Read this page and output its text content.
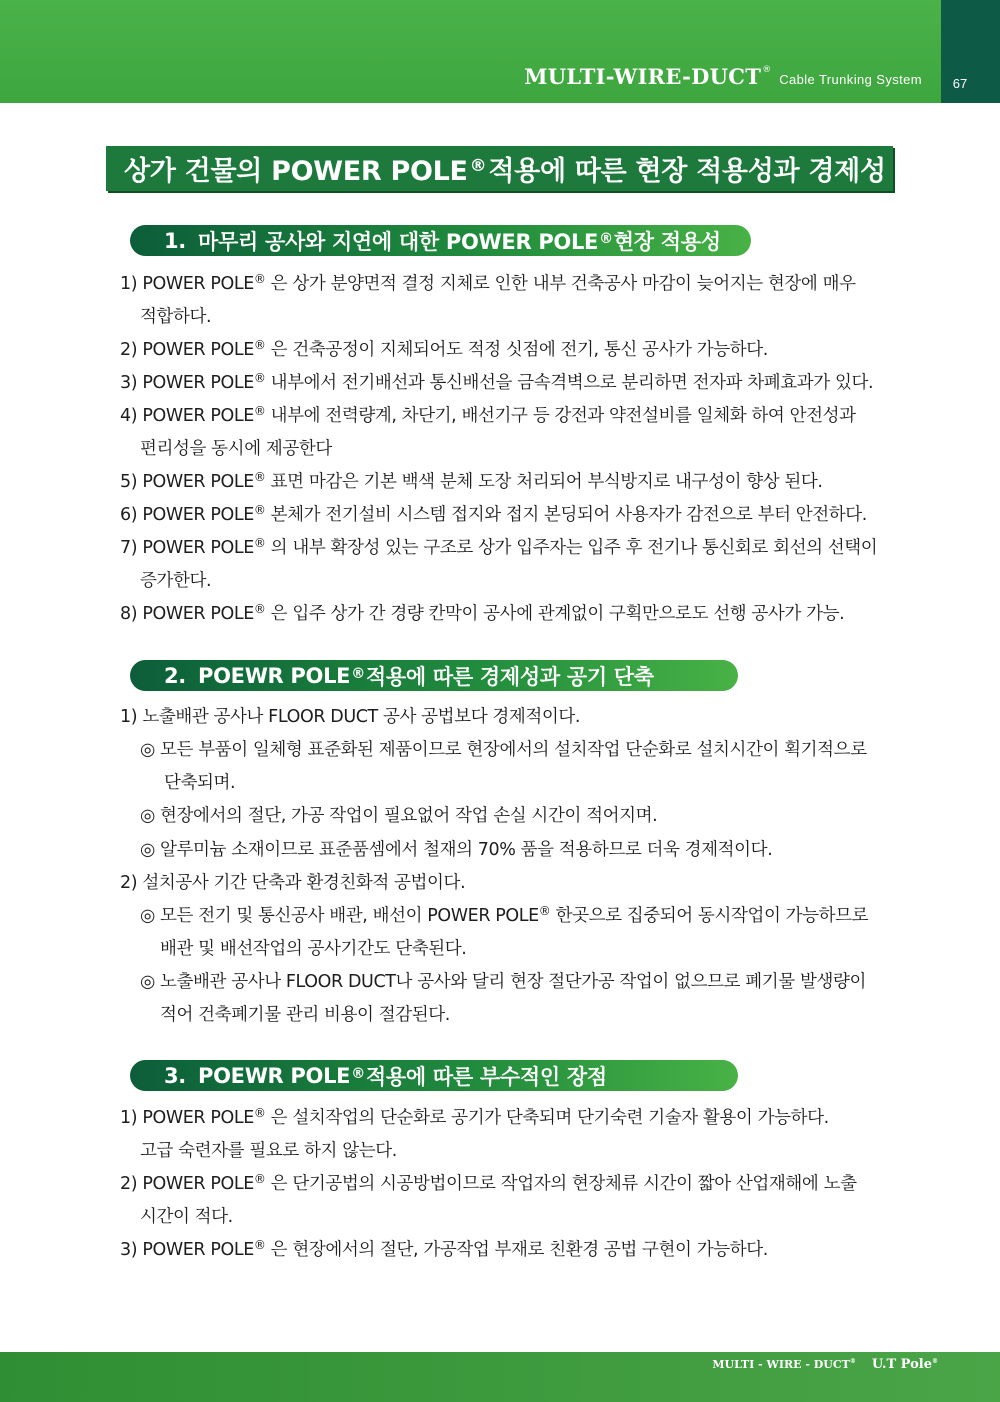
MULTI-WIRE-DUCT ®
Cable Trunking System	67
상가 건물의 POWER POLE® 적용에 따른 현장 적용성과 경제성
1. 마무리 공사와 지연에 대한 POWER POLE® 현장 적용성
1) POWER POLE® 은 상가 분양면적 결정 지체로 인한 내부 건축공사 마감이 늦어지는 현장에 매우
적합하다.
2) POWER POLE® 은 건축공정이 지체되어도 적정 싯점에 전기, 통신 공사가 가능하다.
3) POWER POLE® 내부에서 전기배선과 통신배선을 금속격벽으로 분리하면 전자파 차폐효과가 있다.
4) POWER POLE® 내부에 전력량계, 차단기, 배선기구 등 강전과 약전설비를 일체화 하여 안전성과
편리성을 동시에 제공한다
5) POWER POLE® 표면 마감은 기본 백색 분체 도장 처리되어 부식방지로 내구성이 향상 된다.
6) POWER POLE® 본체가 전기설비 시스템 접지와 접지 본딩되어 사용자가 감전으로 부터 안전하다.
7) POWER POLE® 의 내부 확장성 있는 구조로 상가 입주자는 입주 후 전기나 통신회로 회선의 선택이
증가한다.
8) POWER POLE® 은 입주 상가 간 경량 칸막이 공사에 관계없이 구획만으로도 선행 공사가 가능.
2. POEWR POLE® 적용에 따른 경제성과 공기 단축
1) 노출배관 공사나 FLOOR DUCT 공사 공법보다 경제적이다.
◎ 모든 부품이 일체형 표준화된 제품이므로 현장에서의 설치작업 단순화로 설치시간이 획기적으로
단축되며.
◎ 현장에서의 절단, 가공 작업이 필요없어 작업 손실 시간이 적어지며.
◎ 알루미늄 소재이므로 표준품셈에서 철재의 70% 품을 적용하므로 더욱 경제적이다.
2) 설치공사 기간 단축과 환경친화적 공법이다.
◎ 모든 전기 및 통신공사 배관, 배선이 POWER POLE® 한곳으로 집중되어 동시작업이 가능하므로
배관 및 배선작업의 공사기간도 단축된다.
◎ 노출배관 공사나 FLOOR DUCT나 공사와 달리 현장 절단가공 작업이 없으므로 폐기물 발생량이
적어 건축폐기물 관리 비용이 절감된다.
3. POEWR POLE® 적용에 따른 부수적인 장점
1) POWER POLE® 은 설치작업의 단순화로 공기가 단축되며 단기숙련 기술자 활용이 가능하다.
고급 숙련자를 필요로 하지 않는다.
2) POWER POLE® 은 단기공법의 시공방법이므로 작업자의 현장체류 시간이 짧아 산업재해에 노출
시간이 적다.
3) POWER POLE® 은 현장에서의 절단, 가공작업 부재로 친환경 공법 구현이 가능하다.
MULTI - WIRE - DUCT ® U.T Pole ®
